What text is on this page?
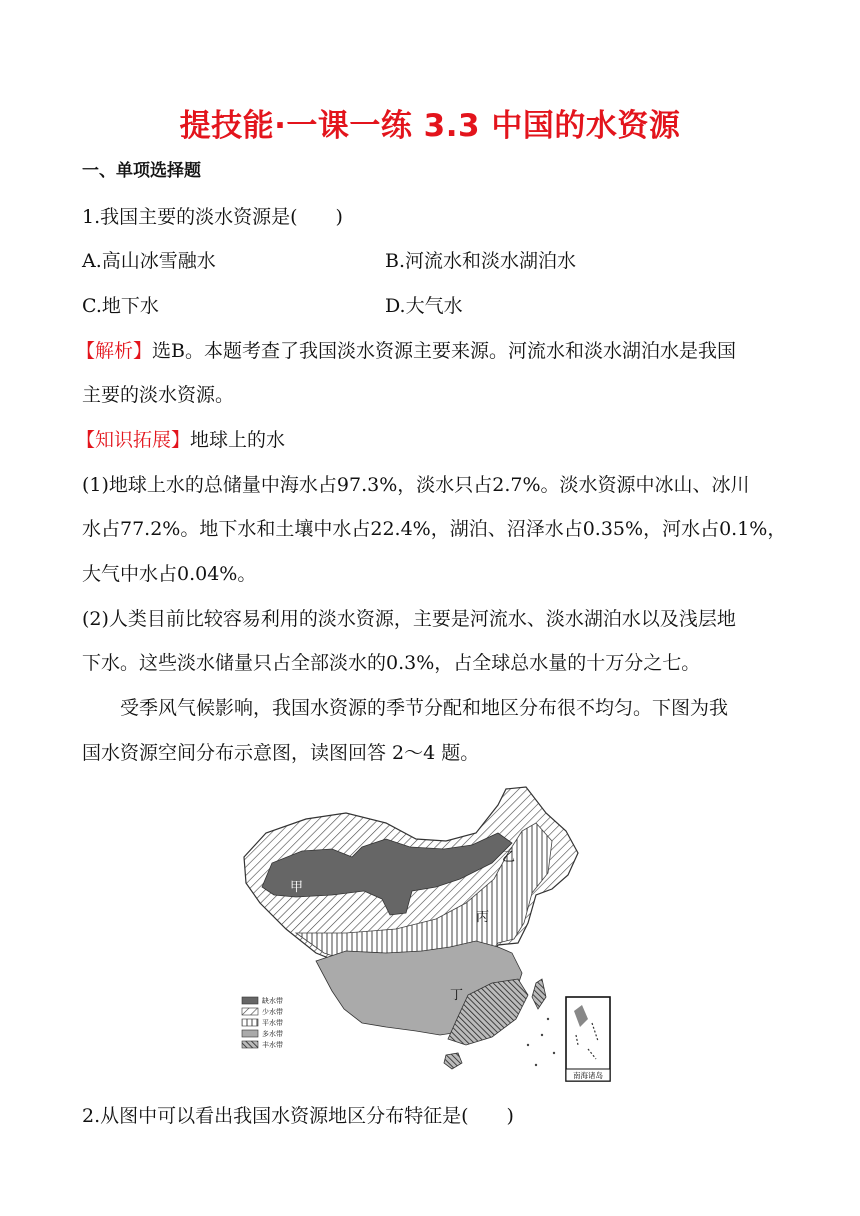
提技能·一课一练 3.3 中国的水资源
一、单项选择题
1.我国主要的淡水资源是(　　)
A.高山冰雪融水	B.河流水和淡水湖泊水
C.地下水	D.大气水
【解析】选B。本题考查了我国淡水资源主要来源。河流水和淡水湖泊水是我国
主要的淡水资源。
【知识拓展】地球上的水
(1)地球上水的总储量中海水占97.3%，淡水只占2.7%。淡水资源中冰山、冰川
水占77.2%。地下水和土壤中水占22.4%，湖泊、沼泽水占0.35%，河水占0.1%，
大气中水占0.04%。
(2)人类目前比较容易利用的淡水资源，主要是河流水、淡水湖泊水以及浅层地
下水。这些淡水储量只占全部淡水的0.3%，占全球总水量的十万分之七。
受季风气候影响，我国水资源的季节分配和地区分布很不均匀。下图为我
国水资源空间分布示意图，读图回答 2～4 题。
甲
乙
丙
丁
缺水带
少水带
平水带
多水带
丰水带
南海诸岛
2.从图中可以看出我国水资源地区分布特征是(　　)
